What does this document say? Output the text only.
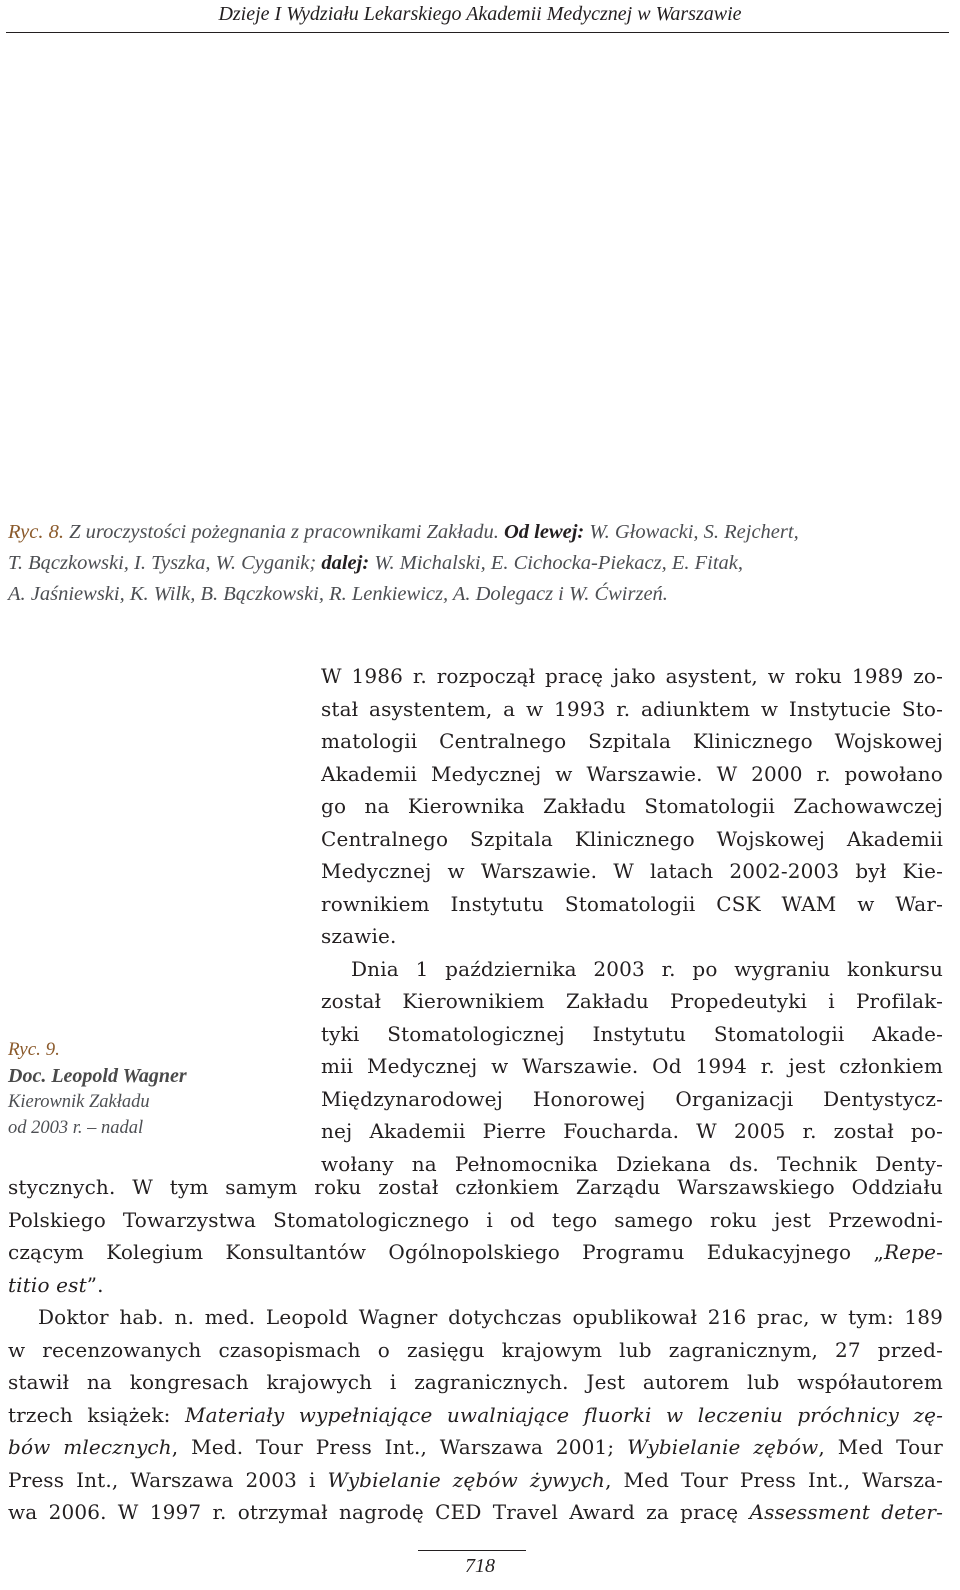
Dzieje I Wydziału Lekarskiego Akademii Medycznej w Warszawie
Ryc. 8. Z uroczystości pożegnania z pracownikami Zakładu. Od lewej: W. Głowacki, S. Rejchert,
T. Bączkowski, I. Tyszka, W. Cyganik; dalej: W. Michalski, E. Cichocka-Piekacz, E. Fitak,
A. Jaśniewski, K. Wilk, B. Bączkowski, R. Lenkiewicz, A. Dolegacz i W. Ćwirzeń.
Ryc. 9.
Doc. Leopold Wagner
Kierownik Zakładu
od 2003 r. – nadal
W 1986 r. rozpoczął pracę jako asystent, w roku 1989 zo-
stał asystentem, a w 1993 r. adiunktem w Instytucie Sto-
matologii Centralnego Szpitala Klinicznego Wojskowej
Akademii Medycznej w Warszawie. W 2000 r. powołano
go na Kierownika Zakładu Stomatologii Zachowawczej
Centralnego Szpitala Klinicznego Wojskowej Akademii
Medycznej w Warszawie. W latach 2002-2003 był Kie-
rownikiem Instytutu Stomatologii CSK WAM w War-
szawie.
Dnia 1 października 2003 r. po wygraniu konkursu
został Kierownikiem Zakładu Propedeutyki i Profilak-
tyki Stomatologicznej Instytutu Stomatologii Akade-
mii Medycznej w Warszawie. Od 1994 r. jest członkiem
Międzynarodowej Honorowej Organizacji Dentystycz-
nej Akademii Pierre Foucharda. W 2005 r. został po-
wołany na Pełnomocnika Dziekana ds. Technik Denty-
stycznych. W tym samym roku został członkiem Zarządu Warszawskiego Oddziału
Polskiego Towarzystwa Stomatologicznego i od tego samego roku jest Przewodni-
czącym Kolegium Konsultantów Ogólnopolskiego Programu Edukacyjnego „Repe-
titio est”.
Doktor hab. n. med. Leopold Wagner dotychczas opublikował 216 prac, w tym: 189
w recenzowanych czasopismach o zasięgu krajowym lub zagranicznym, 27 przed-
stawił na kongresach krajowych i zagranicznych. Jest autorem lub współautorem
trzech książek: Materiały wypełniające uwalniające fluorki w leczeniu próchnicy zę-
bów mlecznych, Med. Tour Press Int., Warszawa 2001; Wybielanie zębów, Med Tour
Press Int., Warszawa 2003 i Wybielanie zębów żywych, Med Tour Press Int., Warsza-
wa 2006. W 1997 r. otrzymał nagrodę CED Travel Award za pracę Assessment deter-
718
